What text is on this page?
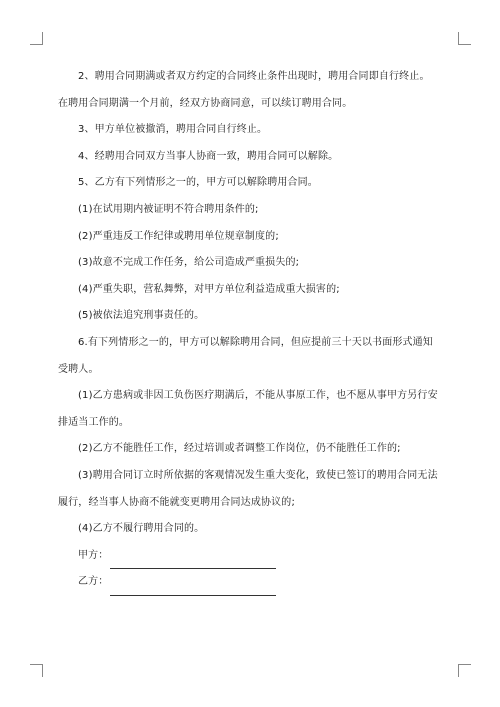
2、聘用合同期满或者双方约定的合同终止条件出现时，聘用合同即自行终止。
在聘用合同期满一个月前，经双方协商同意，可以续订聘用合同。
3、甲方单位被撤消，聘用合同自行终止。
4、经聘用合同双方当事人协商一致，聘用合同可以解除。
5、乙方有下列情形之一的，甲方可以解除聘用合同。
(1)在试用期内被证明不符合聘用条件的;
(2)严重违反工作纪律或聘用单位规章制度的;
(3)故意不完成工作任务，给公司造成严重损失的;
(4)严重失职，营私舞弊，对甲方单位利益造成重大损害的;
(5)被依法追究刑事责任的。
6.有下列情形之一的，甲方可以解除聘用合同，但应提前三十天以书面形式通知
受聘人。
(1)乙方患病或非因工负伤医疗期满后，不能从事原工作，也不愿从事甲方另行安
排适当工作的。
(2)乙方不能胜任工作，经过培训或者调整工作岗位，仍不能胜任工作的;
(3)聘用合同订立时所依据的客观情况发生重大变化，致使已签订的聘用合同无法
履行，经当事人协商不能就变更聘用合同达成协议的;
(4)乙方不履行聘用合同的。
甲方：
乙方：
